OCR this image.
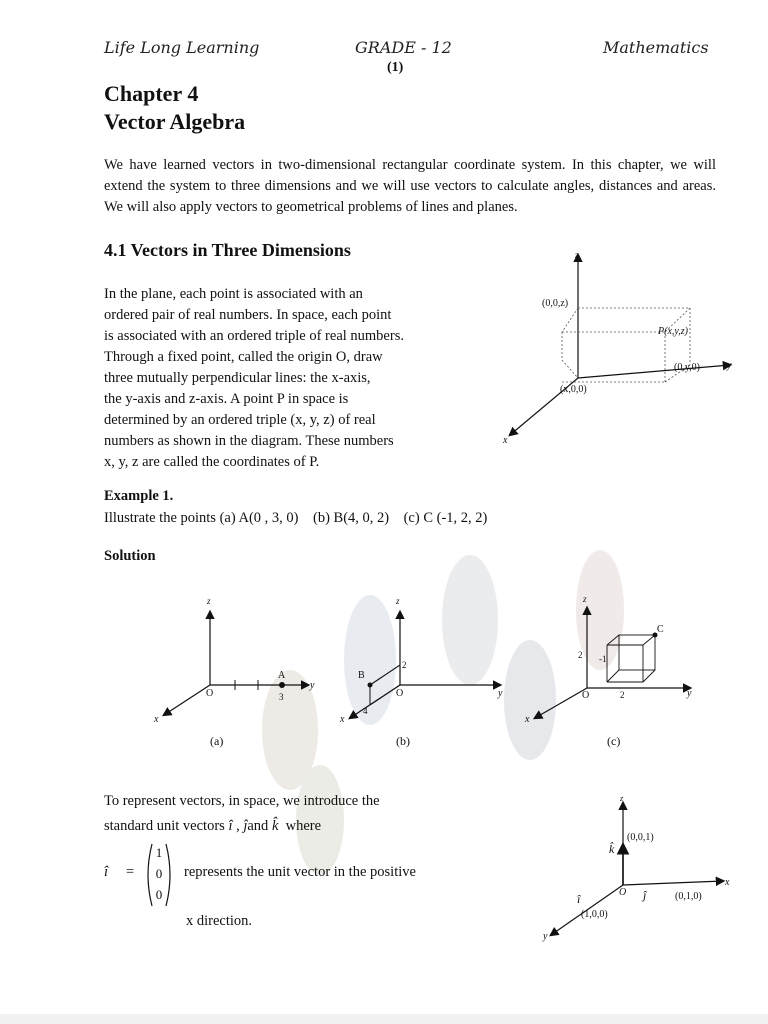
Life Long Learning	GRADE - 12	Mathematics
(1)
Chapter 4
Vector Algebra
We have learned vectors in two-dimensional rectangular coordinate system. In this chapter, we will extend the system to three dimensions and we will use vectors to calculate angles, distances and areas. We will also apply vectors to geometrical problems of lines and planes.
4.1 Vectors in Three Dimensions
In the plane, each point is associated with an
ordered pair of real numbers. In space, each point
is associated with an ordered triple of real numbers.
Through a fixed point, called the origin O, draw
three mutually perpendicular lines: the x-axis,
the y-axis and z-axis. A point P in space is
determined by an ordered triple (x, y, z) of real
numbers as shown in the diagram. These numbers
x, y, z are called the coordinates of P.
z
y
x
(0,0,z)
P(x,y,z)
(0,y,0)
(x,0,0)
Example 1.
Illustrate the points (a) A(0 , 3, 0)    (b) B(4, 0, 2)    (c) C (-1, 2, 2)
Solution
z
y
x
A
3
O
(a)
z
y
x
B
2
4
O
(b)
z
y
x
C
2 -1
2
O
(c)
To represent vectors, in space, we introduce the
standard unit vectors î , ĵand k̂ where
î =
1
0
0
represents the unit vector in the positive
x direction.
z
x
y
k̂
(0,0,1)
ĵ	(0,1,0)
O
î
(1,0,0)
